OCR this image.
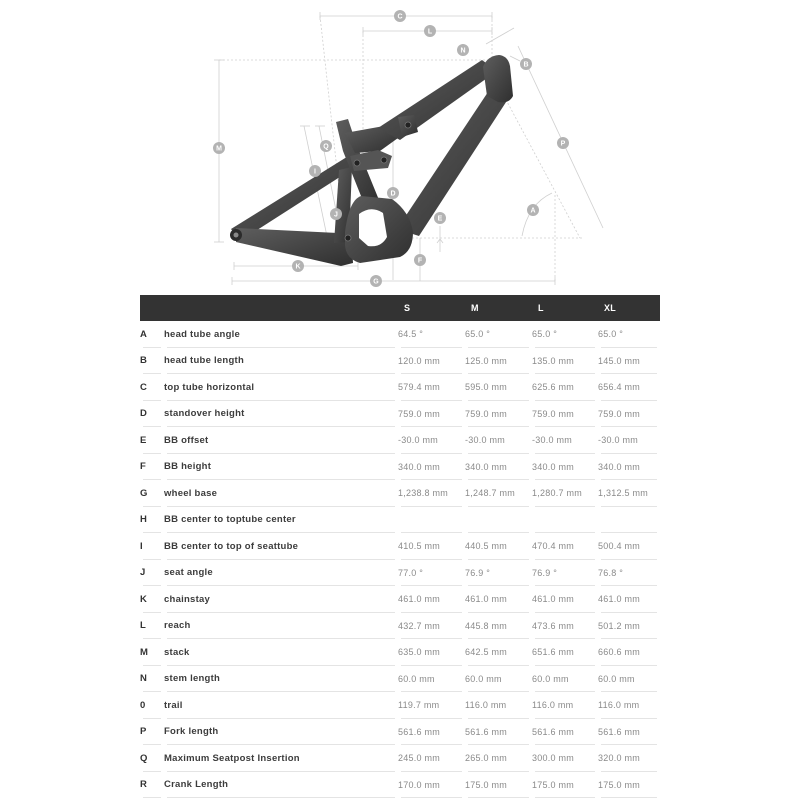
C
L
N
B
P
A
M	Q
I
D
J
E
F
K
G
		S	M	L	XL
A	head tube angle	64.5 °	65.0 °	65.0 °	65.0 °
B	head tube length	120.0 mm	125.0 mm	135.0 mm	145.0 mm
C	top tube horizontal	579.4 mm	595.0 mm	625.6 mm	656.4 mm
D	standover height	759.0 mm	759.0 mm	759.0 mm	759.0 mm
E	BB offset	-30.0 mm	-30.0 mm	-30.0 mm	-30.0 mm
F	BB height	340.0 mm	340.0 mm	340.0 mm	340.0 mm
G	wheel base	1,238.8 mm	1,248.7 mm	1,280.7 mm	1,312.5 mm
H	BB center to toptube center				
I	BB center to top of seattube	410.5 mm	440.5 mm	470.4 mm	500.4 mm
J	seat angle	77.0 °	76.9 °	76.9 °	76.8 °
K	chainstay	461.0 mm	461.0 mm	461.0 mm	461.0 mm
L	reach	432.7 mm	445.8 mm	473.6 mm	501.2 mm
M	stack	635.0 mm	642.5 mm	651.6 mm	660.6 mm
N	stem length	60.0 mm	60.0 mm	60.0 mm	60.0 mm
0	trail	119.7 mm	116.0 mm	116.0 mm	116.0 mm
P	Fork length	561.6 mm	561.6 mm	561.6 mm	561.6 mm
Q	Maximum Seatpost Insertion	245.0 mm	265.0 mm	300.0 mm	320.0 mm
R	Crank Length	170.0 mm	175.0 mm	175.0 mm	175.0 mm
